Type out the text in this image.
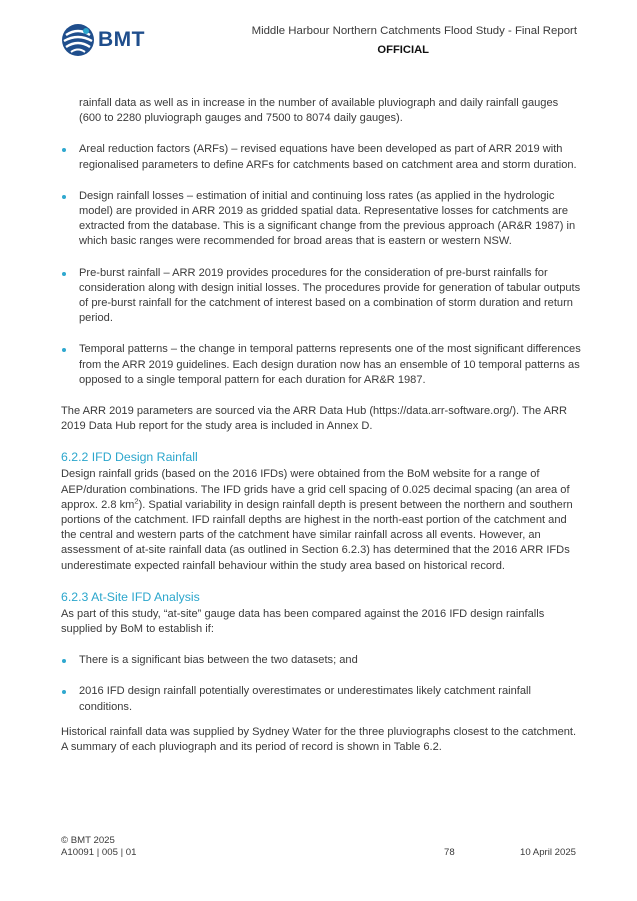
BMT	Middle Harbour Northern Catchments Flood Study - Final Report
OFFICIAL

rainfall data as well as in increase in the number of available pluviograph and daily rainfall gauges (600 to 2280 pluviograph gauges and 7500 to 8074 daily gauges).

Areal reduction factors (ARFs) – revised equations have been developed as part of ARR 2019 with regionalised parameters to define ARFs for catchments based on catchment area and storm duration.
Design rainfall losses – estimation of initial and continuing loss rates (as applied in the hydrologic model) are provided in ARR 2019 as gridded spatial data. Representative losses for catchments are extracted from the database. This is a significant change from the previous approach (AR&R 1987) in which basic ranges were recommended for broad areas that is eastern or western NSW.
Pre-burst rainfall – ARR 2019 provides procedures for the consideration of pre-burst rainfalls for consideration along with design initial losses. The procedures provide for generation of tabular outputs of pre-burst rainfall for the catchment of interest based on a combination of storm duration and return period.
Temporal patterns – the change in temporal patterns represents one of the most significant differences from the ARR 2019 guidelines. Each design duration now has an ensemble of 10 temporal patterns as opposed to a single temporal pattern for each duration for AR&R 1987.

The ARR 2019 parameters are sourced via the ARR Data Hub (https://data.arr-software.org/). The ARR 2019 Data Hub report for the study area is included in Annex D.

6.2.2 IFD Design Rainfall

Design rainfall grids (based on the 2016 IFDs) were obtained from the BoM website for a range of AEP/duration combinations. The IFD grids have a grid cell spacing of 0.025 decimal spacing (an area of approx. 2.8 $km^2$). Spatial variability in design rainfall depth is present between the northern and southern portions of the catchment. IFD rainfall depths are highest in the north-east portion of the catchment and the central and western parts of the catchment have similar rainfall across all events. However, an assessment of at-site rainfall data (as outlined in Section 6.2.3) has determined that the 2016 ARR IFDs underestimate expected rainfall behaviour within the study area based on historical record.

6.2.3 At-Site IFD Analysis

As part of this study, “at-site” gauge data has been compared against the 2016 IFD design rainfalls supplied by BoM to establish if:

There is a significant bias between the two datasets; and
2016 IFD design rainfall potentially overestimates or underestimates likely catchment rainfall conditions.

Historical rainfall data was supplied by Sydney Water for the three pluviographs closest to the catchment. A summary of each pluviograph and its period of record is shown in Table 6.2.

© BMT 2025
A10091 | 005 | 01	78	10 April 2025
